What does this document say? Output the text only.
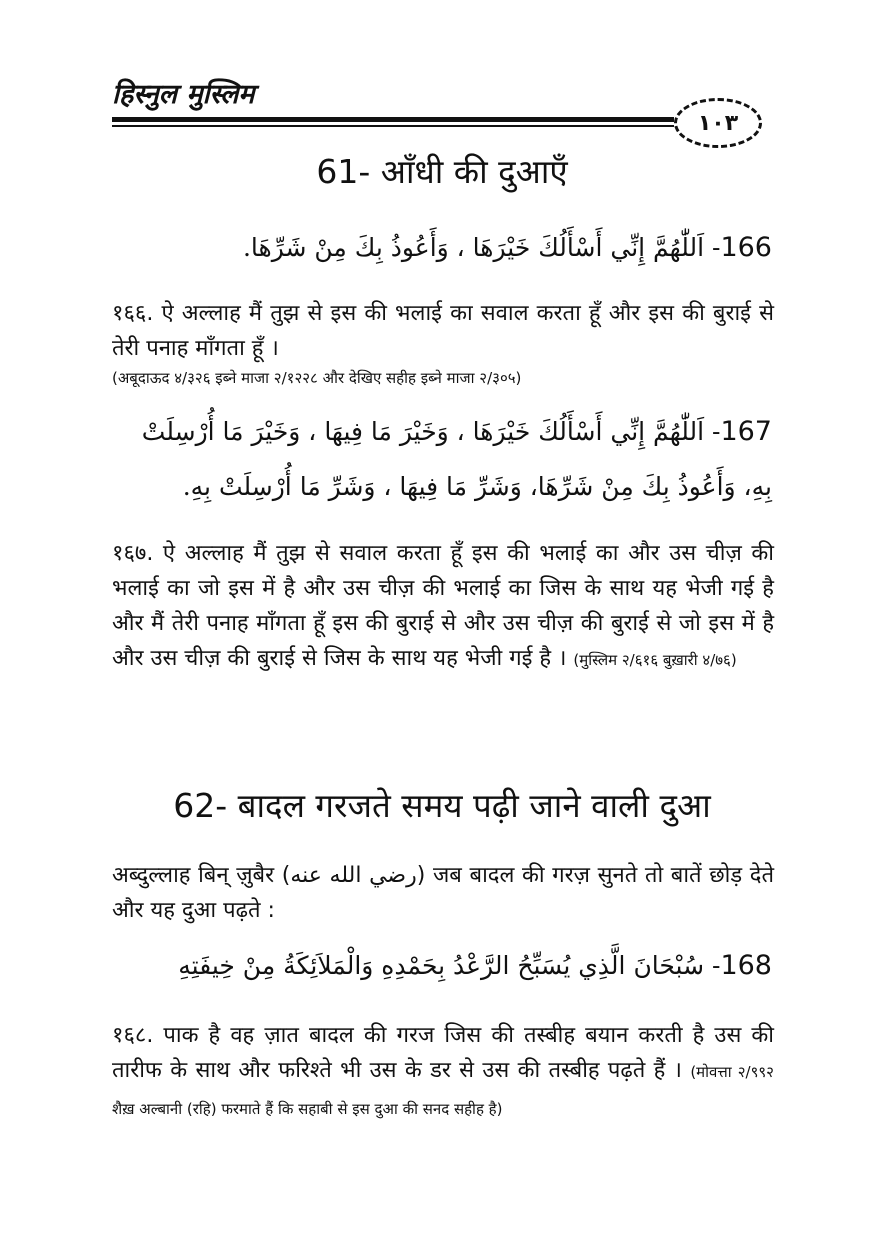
हिस्नुल मुस्लिम
١٠٣
61- आँधी की दुआएँ
166- اَللّٰهُمَّ إِنِّي أَسْأَلُكَ خَيْرَهَا ، وَأَعُوذُ بِكَ مِنْ شَرِّهَا.
१६६. ऐ अल्लाह मैं तुझ से इस की भलाई का सवाल करता हूँ और इस की बुराई से तेरी पनाह माँगता हूँ ।
(अबूदाऊद ४/३२६ इब्ने माजा २/१२२८ और देखिए सहीह इब्ने माजा २/३०५)
167- اَللّٰهُمَّ إِنِّي أَسْأَلُكَ خَيْرَهَا ، وَخَيْرَ مَا فِيهَا ، وَخَيْرَ مَا أُرْسِلَتْ
بِهِ، وَأَعُوذُ بِكَ مِنْ شَرِّهَا، وَشَرِّ مَا فِيهَا ، وَشَرِّ مَا أُرْسِلَتْ بِهِ.
१६७. ऐ अल्लाह मैं तुझ से सवाल करता हूँ इस की भलाई का और उस चीज़ की भलाई का जो इस में है और उस चीज़ की भलाई का जिस के साथ यह भेजी गई है और मैं तेरी पनाह माँगता हूँ इस की बुराई से और उस चीज़ की बुराई से जो इस में है और उस चीज़ की बुराई से जिस के साथ यह भेजी गई है । (मुस्लिम २/६१६ बुख़ारी ४/७६)
62- बादल गरजते समय पढ़ी जाने वाली दुआ
अब्दुल्लाह बिन् ज़ुबैर (رضي الله عنه) जब बादल की गरज़ सुनते तो बातें छोड़ देते और यह दुआ पढ़ते :
168- سُبْحَانَ الَّذِي يُسَبِّحُ الرَّعْدُ بِحَمْدِهِ وَالْمَلاَئِكَةُ مِنْ خِيفَتِهِ
१६८. पाक है वह ज़ात बादल की गरज जिस की तस्बीह बयान करती है उस की तारीफ के साथ और फरिश्ते भी उस के डर से उस की तस्बीह पढ़ते हैं । (मोवत्ता २/९९२ शैख़ अल्बानी (रहि) फरमाते हैं कि सहाबी से इस दुआ की सनद सहीह है)
